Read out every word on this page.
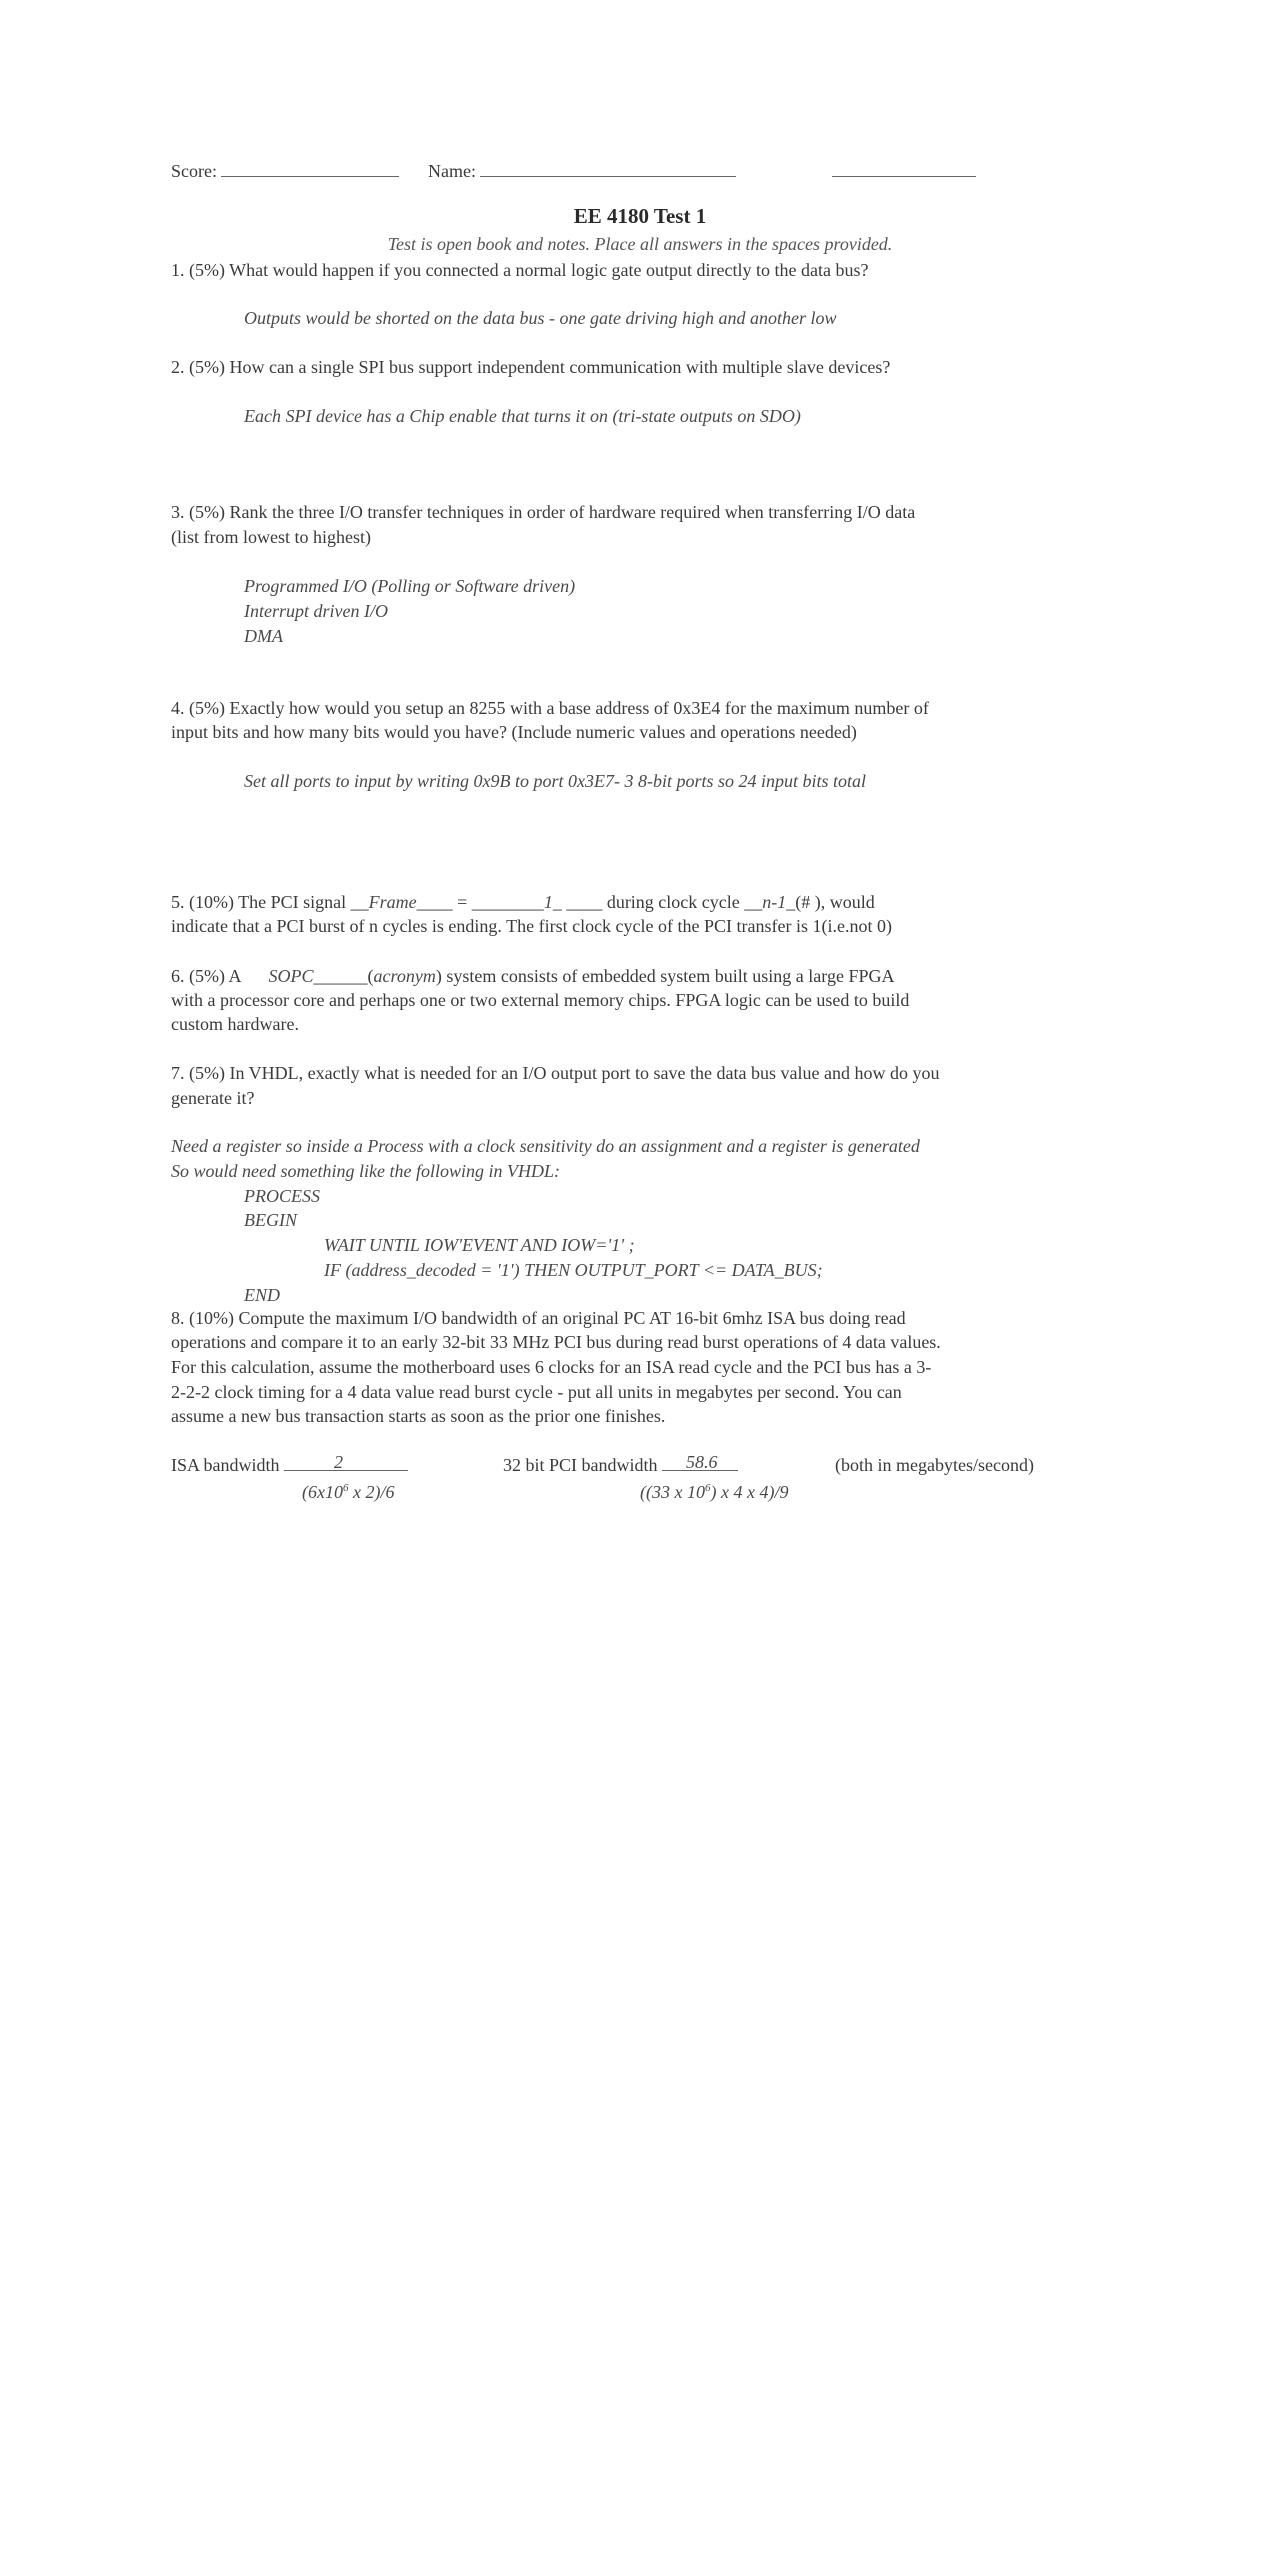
Score:	Name:
EE 4180 Test 1
Test is open book and notes. Place all answers in the spaces provided.
1. (5%) What would happen if you connected a normal logic gate output directly to the data bus?
Outputs would be shorted on the data bus - one gate driving high and another low
2. (5%) How can a single SPI bus support independent communication with multiple slave devices?
Each SPI device has a Chip enable that turns it on (tri-state outputs on SDO)
3. (5%) Rank the three I/O transfer techniques in order of hardware required when transferring I/O data
(list from lowest to highest)
Programmed I/O (Polling or Software driven)
Interrupt driven I/O
DMA
4. (5%) Exactly how would you setup an 8255 with a base address of 0x3E4 for the maximum number of
input bits and how many bits would you have? (Include numeric values and operations needed)
Set all ports to input by writing 0x9B to port 0x3E7- 3 8-bit ports so 24 input bits total
5. (10%) The PCI signal __Frame____ = ________1_ ____ during clock cycle __n-1_(# ), would
indicate that a PCI burst of n cycles is ending. The first clock cycle of the PCI transfer is 1(i.e.not 0)
6. (5%) A SOPC______(acronym) system consists of embedded system built using a large FPGA
with a processor core and perhaps one or two external memory chips. FPGA logic can be used to build
custom hardware.
7. (5%) In VHDL, exactly what is needed for an I/O output port to save the data bus value and how do you
generate it?
Need a register so inside a Process with a clock sensitivity do an assignment and a register is generated
So would need something like the following in VHDL:
PROCESS
BEGIN
WAIT UNTIL IOW'EVENT AND IOW='1' ;
IF (address_decoded = '1') THEN OUTPUT_PORT <= DATA_BUS;
END
8. (10%) Compute the maximum I/O bandwidth of an original PC AT 16-bit 6mhz ISA bus doing read
operations and compare it to an early 32-bit 33 MHz PCI bus during read burst operations of 4 data values.
For this calculation, assume the motherboard uses 6 clocks for an ISA read cycle and the PCI bus has a 3-
2-2-2 clock timing for a 4 data value read burst cycle - put all units in megabytes per second. You can
assume a new bus transaction starts as soon as the prior one finishes.
ISA bandwidth	2
($6x10^6$ x 2)/6
32 bit PCI bandwidth 58.6
((33 x $10^6$) x 4 x 4)/9
(both in megabytes/second)
